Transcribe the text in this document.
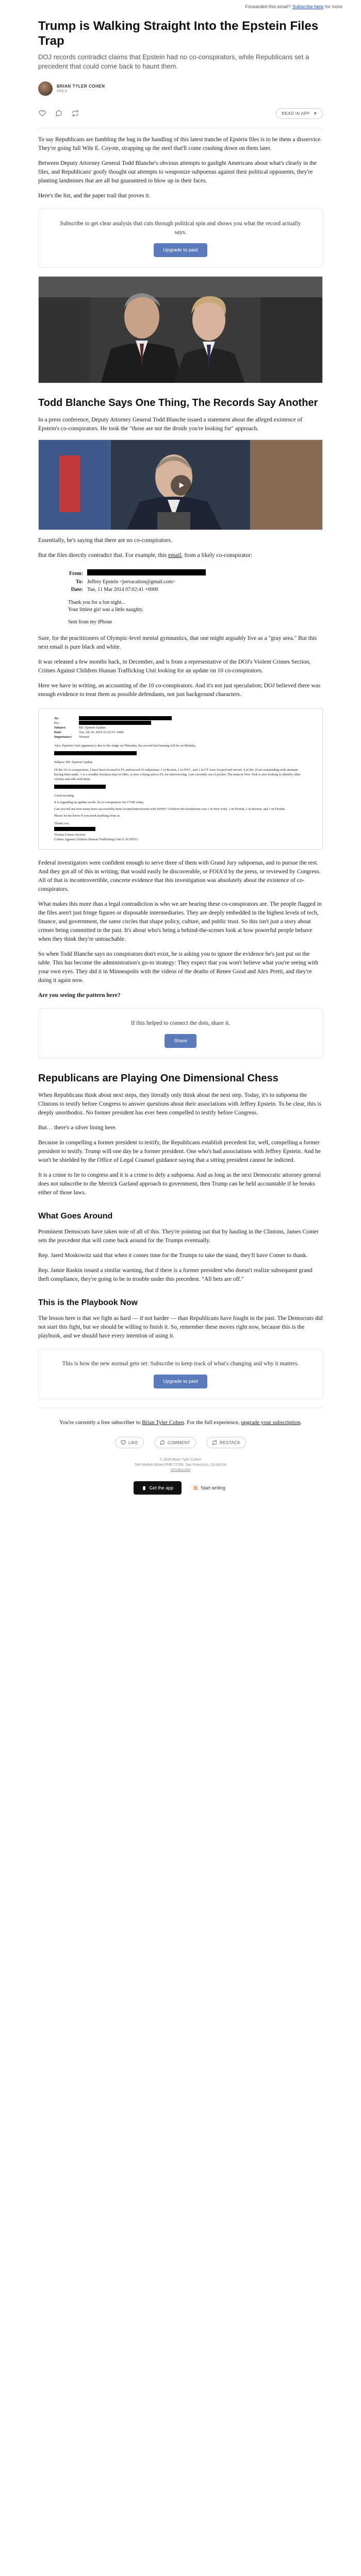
Forwarded this email? Subscribe here for more
Trump is Walking Straight Into the Epstein Files Trap
DOJ records contradict claims that Epstein had no co-conspirators, while Republicans set a precedent that could come back to haunt them.
BRIAN TYLER COHEN
FEB 4
READ IN APP

To say Republicans are fumbling the bag in the handling of this latest tranche of Epstein files is to be them a disservice. They're going full Wile E. Coyote, strapping up the steel that'll come crashing down on them later.

Between Deputy Attorney General Todd Blanche's obvious attempts to gaslight Americans about what's clearly in the files, and Republicans' goofy thought out attempts to weaponize subpoenas against their political opponents, they're planting landmines that are all but guaranteed to blow up in their faces.

Here's the list, and the paper trail that proves it.

Subscribe to get clear analysis that cuts through political spin and shows you what the record actually says.
Upgrade to paid
Todd Blanche Says One Thing, The Records Say Another

In a press conference, Deputy Attorney General Todd Blanche issued a statement about the alleged existence of Epstein's co-conspirators. He took the "those are not the droids you're looking for" approach.

Essentially, he's saying that there are no co-conspirators.

But the files directly contradict that. For example, this email, from a likely co-conspirator:

From:	
To:	Jeffrey Epstein <jeevacation@gmail.com>
Date:	Tue, 11 Mar 2014 07:02:41 +0000
Thank you for a fun night...
Your littlest girl was a little naughty.
Sent from my iPhone

Sure, for the practitioners of Olympic-level mental gymnastics, that one might arguably live as a "gray area." But this next email is pure black and white.

It was released a few months back, in December, and is from a representative of the DOJ's Violent Crimes Section, Crimes Against Children Human Trafficking Unit looking for an update on 10 co-conspirators.

Here we have in writing, an accounting of the 10 co-conspirators. And it's not just speculation; DOJ believed there was enough evidence to treat them as possible defendants, not just background characters.

To:
Cc:
Subject:	RE: Epstein Update
Date:	Tue, Jul 30, 2019 16:32:51 -0400
Importance:	Normal
Also, Epstein's bail argument is due to the Judge on Thursday, the second bail hearing will be on Monday.
Subject: RE: Epstein Update
Of the 10 co-conspirators, I have been focused in FL and served 10 subpoenas: 1 in Boston, 1 in NYC, and 1 in CT were located and served. 4 of the 10 are outstanding with attempts having been made. 1 is a wealthy business man in Ohio, is now a being sent to FL for interviewing. I am currently out of pocket. The team in New York is also looking to identify other victims and talk with them.
Good morning
It is regarding an update on the 10 co-conspirators for CVIB today.
Can you tell me how many have successfully been located/interviewed with SDNY? I believe the breakdown was 1 in New York, 1 in Florida, 1 in Boston, and 1 in Florida.
Please let me know if you need anything from us.
Thank you,
Violent Crimes Section
Crimes Against Children Human Trafficking Unit (CACHTU)

Federal investigators were confident enough to serve three of them with Grand Jury subpoenas, and to pursue the rest. And they got all of this in writing, that would easily be discoverable, or FOIA'd by the press, or reviewed by Congress. All of that is incontrovertible, concrete evidence that this investigation was absolutely about the existence of co-conspirators.

What makes this more than a legal contradiction is who we are hearing these co-conspirators are. The people flagged in the files aren't just fringe figures or disposable intermediaries. They are deeply embedded in the highest levels of tech, finance, and government, the same circles that shape policy, culture, and public trust. So this isn't just a story about crimes being committed in the past. It's about who's being a behind-the-scenes look at how powerful people behave when they think they're untouchable.

So when Todd Blanche says no conspirators don't exist, he is asking you to ignore the evidence he's just put on the table. This has become the administration's go-to strategy: They expect that you won't believe what you're seeing with your own eyes. They did it in Minneapolis with the videos of the deaths of Renee Good and Alex Pretti, and they're doing it again now.

Are you seeing the pattern here?

If this helped to connect the dots, share it.
Share
Republicans are Playing One Dimensional Chess

When Republicans think about next steps, they literally only think about the next step. Today, it's to subpoena the Clintons to testify before Congress to answer questions about their associations with Jeffrey Epstein. To be clear, this is deeply unorthodox. No former president has ever been compelled to testify before Congress.

But… there's a silver lining here.

Because in compelling a former president to testify, the Republicans establish precedent for, well, compelling a former president to testify. Trump will one day be a former president. One who's had associations with Jeffrey Epstein. And he won't be shielded by the Office of Legal Counsel guidance saying that a sitting president cannot be indicted.

It is a crime to lie to congress and it is a crime to defy a subpoena. And as long as the next Democratic attorney general does not subscribe to the Merrick Garland approach to government, then Trump can be held accountable if he breaks either of those laws.

What Goes Around

Prominent Democrats have taken note of all of this. They're pointing out that by hauling in the Clintons, James Comer sets the precedent that will come back around for the Trumps eventually.

Rep. Jared Moskowitz said that when it comes time for the Trumps to take the stand, they'll have Comer to thank.

Rep. Jamie Raskin issued a similar warning, that if there is a former president who doesn't realize subsequent grand theft compliance, they're going to be in trouble under this precedent. "All bets are off."

This is the Playbook Now

The lesson here is that we fight as hard — if not harder — than Republicans have fought in the past. The Democrats did not start this fight, but we should be willing to finish it. So, remember these moves right now, because this is the playbook, and we should have every intention of using it.

This is how the new normal gets set. Subscribe to keep track of what's changing and why it matters.
Upgrade to paid
You're currently a free subscriber to Brian Tyler Cohen. For the full experience, upgrade your subscription.
LIKE	COMMENT	RESTACK
© 2026 Brian Tyler Cohen
548 Market Street PMB 72296, San Francisco, CA 94104
Unsubscribe
Get the app	Start writing
